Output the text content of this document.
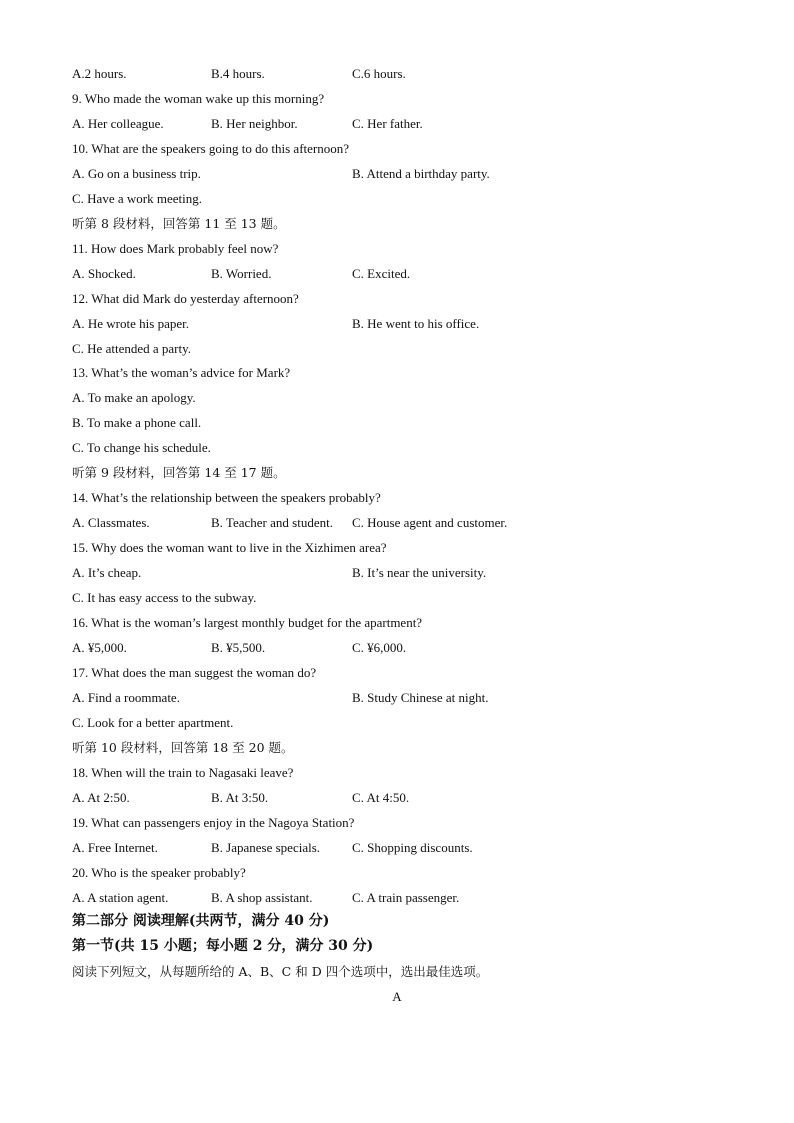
A.2 hours.	B.4 hours.	C.6 hours.
9. Who made the woman wake up this morning?
A. Her colleague.	B. Her neighbor.	C. Her father.
10. What are the speakers going to do this afternoon?
A. Go on a business trip.	B. Attend a birthday party.
C. Have a work meeting.
听第 8 段材料，回答第 11 至 13 题。
11. How does Mark probably feel now?
A. Shocked.	B. Worried.	C. Excited.
12. What did Mark do yesterday afternoon?
A. He wrote his paper.	B. He went to his office.
C. He attended a party.
13. What’s the woman’s advice for Mark?
A. To make an apology.
B. To make a phone call.
C. To change his schedule.
听第 9 段材料，回答第 14 至 17 题。
14. What’s the relationship between the speakers probably?
A. Classmates.	B. Teacher and student. C. House agent and customer.
15. Why does the woman want to live in the Xizhimen area?
A. It’s cheap.	B. It’s near the university.
C. It has easy access to the subway.
16. What is the woman’s largest monthly budget for the apartment?
A. ¥5,000.	B. ¥5,500.	C. ¥6,000.
17. What does the man suggest the woman do?
A. Find a roommate.	B. Study Chinese at night.
C. Look for a better apartment.
听第 10 段材料，回答第 18 至 20 题。
18. When will the train to Nagasaki leave?
A. At 2:50.	B. At 3:50.	C. At 4:50.
19. What can passengers enjoy in the Nagoya Station?
A. Free Internet.	B. Japanese specials. C. Shopping discounts.
20. Who is the speaker probably?
A. A station agent.	B. A shop assistant.	C. A train passenger.
第二部分 阅读理解(共两节，满分 40 分)
第一节(共 15 小题；每小题 2 分，满分 30 分)
阅读下列短文，从每题所给的 A、B、C 和 D 四个选项中，选出最佳选项。
A
